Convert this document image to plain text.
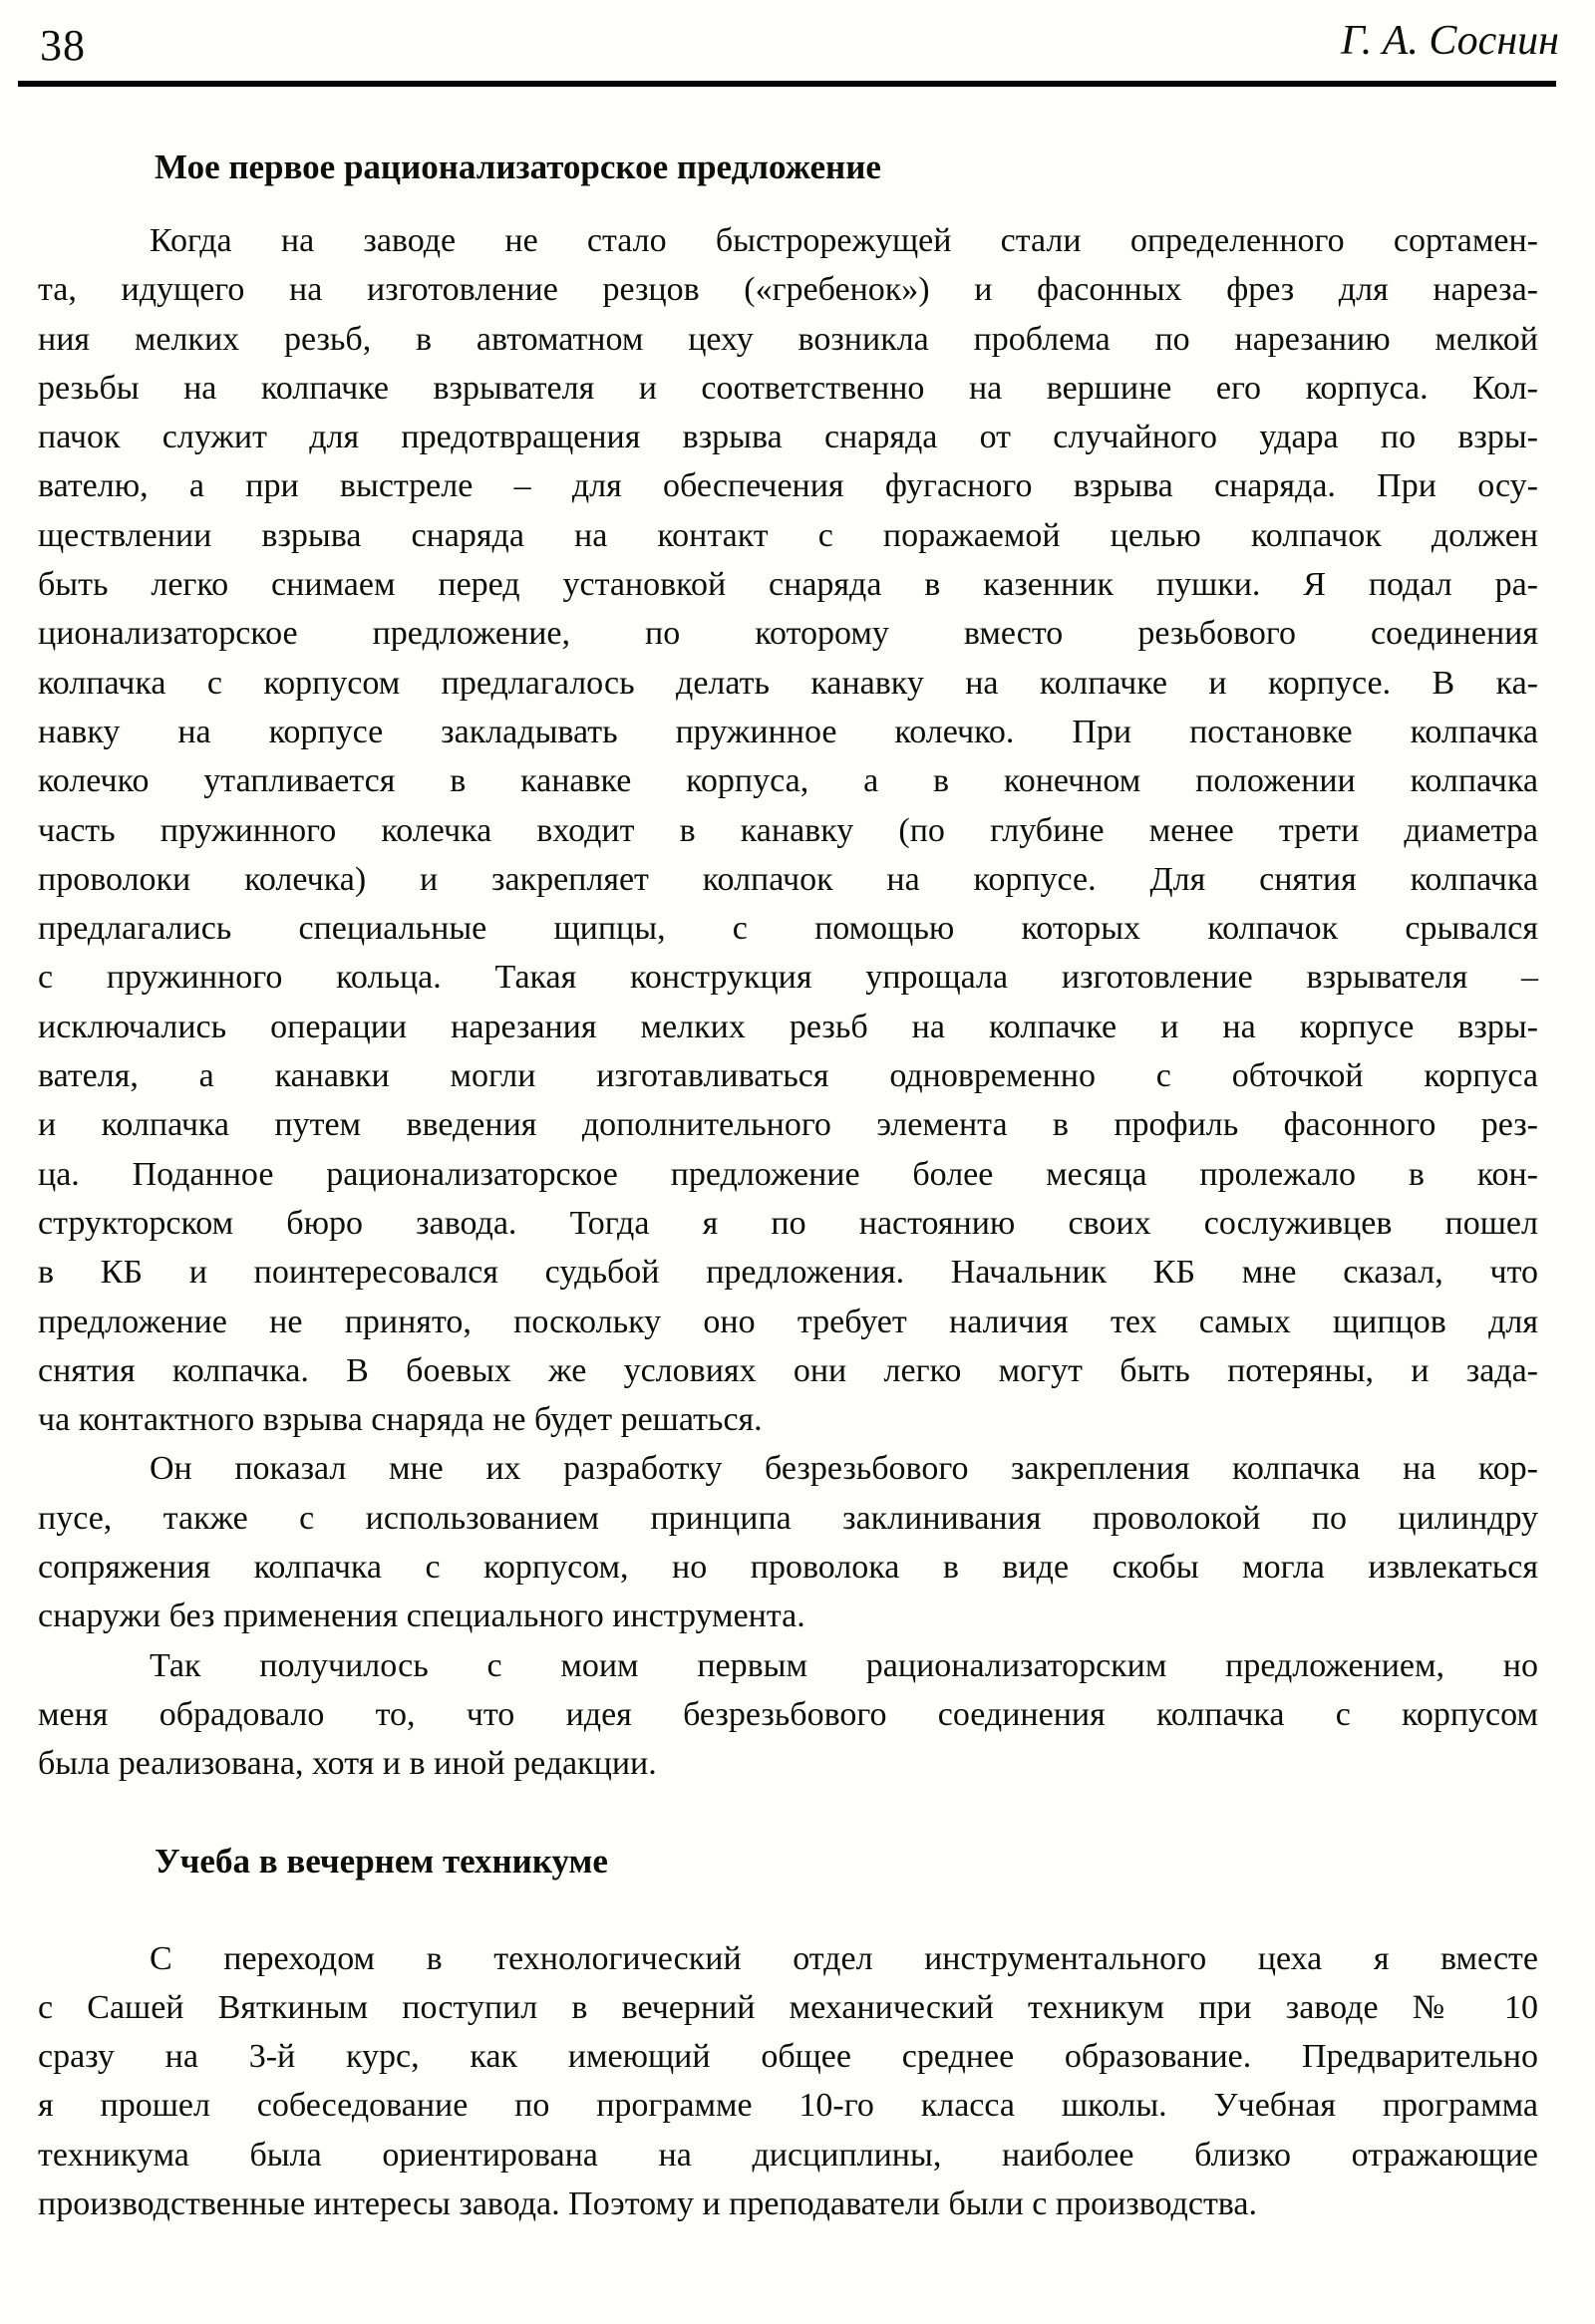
38	Г. А. Соснин
Мое первое рационализаторское предложение
Когда на заводе не стало быстрорежущей стали определенного сортамен-
та, идущего на изготовление резцов («гребенок») и фасонных фрез для нареза-
ния мелких резьб, в автоматном цеху возникла проблема по нарезанию мелкой
резьбы на колпачке взрывателя и соответственно на вершине его корпуса. Кол-
пачок служит для предотвращения взрыва снаряда от случайного удара по взры-
вателю, а при выстреле – для обеспечения фугасного взрыва снаряда. При осу-
ществлении взрыва снаряда на контакт с поражаемой целью колпачок должен
быть легко снимаем перед установкой снаряда в казенник пушки. Я подал ра-
ционализаторское предложение, по которому вместо резьбового соединения
колпачка с корпусом предлагалось делать канавку на колпачке и корпусе. В ка-
навку на корпусе закладывать пружинное колечко. При постановке колпачка
колечко утапливается в канавке корпуса, а в конечном положении колпачка
часть пружинного колечка входит в канавку (по глубине менее трети диаметра
проволоки колечка) и закрепляет колпачок на корпусе. Для снятия колпачка
предлагались специальные щипцы, с помощью которых колпачок срывался
с пружинного кольца. Такая конструкция упрощала изготовление взрывателя –
исключались операции нарезания мелких резьб на колпачке и на корпусе взры-
вателя, а канавки могли изготавливаться одновременно с обточкой корпуса
и колпачка путем введения дополнительного элемента в профиль фасонного рез-
ца. Поданное рационализаторское предложение более месяца пролежало в кон-
структорском бюро завода. Тогда я по настоянию своих сослуживцев пошел
в КБ и поинтересовался судьбой предложения. Начальник КБ мне сказал, что
предложение не принято, поскольку оно требует наличия тех самых щипцов для
снятия колпачка. В боевых же условиях они легко могут быть потеряны, и зада-
ча контактного взрыва снаряда не будет решаться.
Он показал мне их разработку безрезьбового закрепления колпачка на кор-
пусе, также с использованием принципа заклинивания проволокой по цилиндру
сопряжения колпачка с корпусом, но проволока в виде скобы могла извлекаться
снаружи без применения специального инструмента.
Так получилось с моим первым рационализаторским предложением, но
меня обрадовало то, что идея безрезьбового соединения колпачка с корпусом
была реализована, хотя и в иной редакции.
Учеба в вечернем техникуме
С переходом в технологический отдел инструментального цеха я вместе
с Сашей Вяткиным поступил в вечерний механический техникум при заводе № 10
сразу на 3-й курс, как имеющий общее среднее образование. Предварительно
я прошел собеседование по программе 10-го класса школы. Учебная программа
техникума была ориентирована на дисциплины, наиболее близко отражающие
производственные интересы завода. Поэтому и преподаватели были с производства.
